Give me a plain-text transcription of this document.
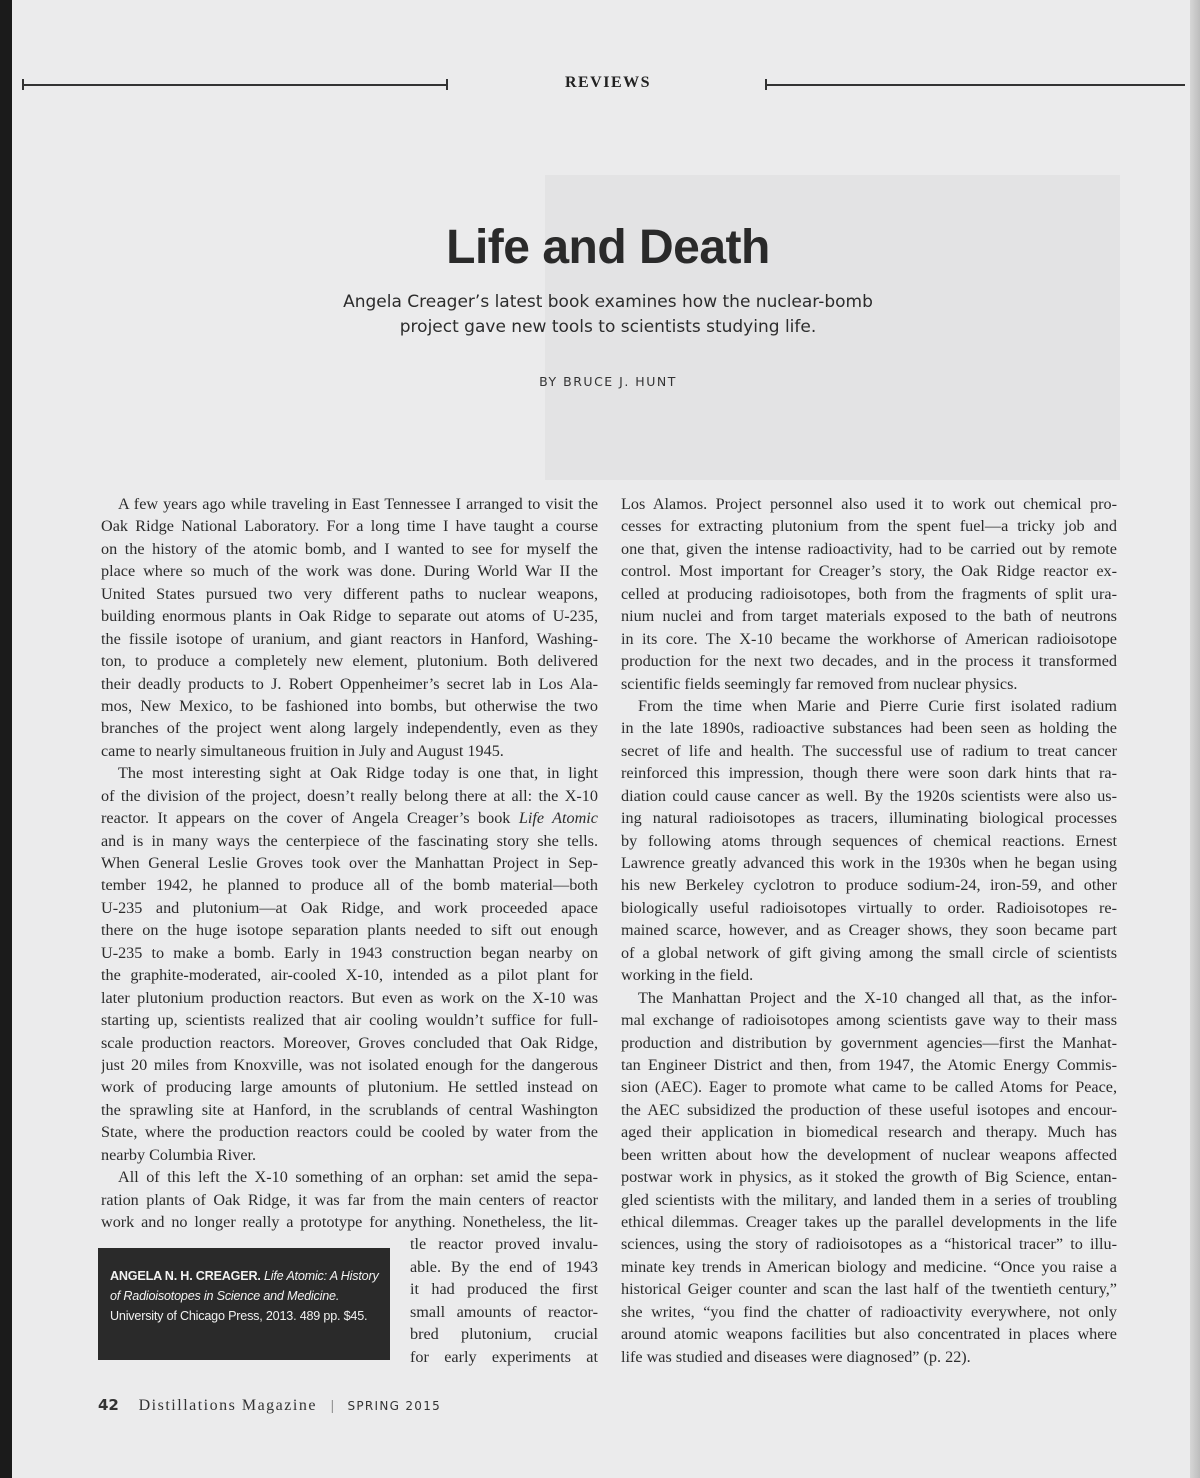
REVIEWS
Life and Death
Angela Creager’s latest book examines how the nuclear-bomb
project gave new tools to scientists studying life.
BY BRUCE J. HUNT
A few years ago while traveling in East Tennessee I arranged to visit the
Oak Ridge National Laboratory. For a long time I have taught a course
on the history of the atomic bomb, and I wanted to see for myself the
place where so much of the work was done. During World War II the
United States pursued two very different paths to nuclear weapons,
building enormous plants in Oak Ridge to separate out atoms of U-235,
the fissile isotope of uranium, and giant reactors in Hanford, Washing-
ton, to produce a completely new element, plutonium. Both delivered
their deadly products to J. Robert Oppenheimer’s secret lab in Los Ala-
mos, New Mexico, to be fashioned into bombs, but otherwise the two
branches of the project went along largely independently, even as they
came to nearly simultaneous fruition in July and August 1945.
The most interesting sight at Oak Ridge today is one that, in light
of the division of the project, doesn’t really belong there at all: the X-10
reactor. It appears on the cover of Angela Creager’s book Life Atomic
and is in many ways the centerpiece of the fascinating story she tells.
When General Leslie Groves took over the Manhattan Project in Sep-
tember 1942, he planned to produce all of the bomb material—both
U-235 and plutonium—at Oak Ridge, and work proceeded apace
there on the huge isotope separation plants needed to sift out enough
U-235 to make a bomb. Early in 1943 construction began nearby on
the graphite-moderated, air-cooled X-10, intended as a pilot plant for
later plutonium production reactors. But even as work on the X-10 was
starting up, scientists realized that air cooling wouldn’t suffice for full-
scale production reactors. Moreover, Groves concluded that Oak Ridge,
just 20 miles from Knoxville, was not isolated enough for the dangerous
work of producing large amounts of plutonium. He settled instead on
the sprawling site at Hanford, in the scrublands of central Washington
State, where the production reactors could be cooled by water from the
nearby Columbia River.
All of this left the X-10 something of an orphan: set amid the sepa-
ration plants of Oak Ridge, it was far from the main centers of reactor
work and no longer really a prototype for anything. Nonetheless, the lit-
tle reactor proved invalu-
able. By the end of 1943
it had produced the first
small amounts of reactor-
bred plutonium, crucial
for early experiments at
Los Alamos. Project personnel also used it to work out chemical pro-
cesses for extracting plutonium from the spent fuel—a tricky job and
one that, given the intense radioactivity, had to be carried out by remote
control. Most important for Creager’s story, the Oak Ridge reactor ex-
celled at producing radioisotopes, both from the fragments of split ura-
nium nuclei and from target materials exposed to the bath of neutrons
in its core. The X-10 became the workhorse of American radioisotope
production for the next two decades, and in the process it transformed
scientific fields seemingly far removed from nuclear physics.
From the time when Marie and Pierre Curie first isolated radium
in the late 1890s, radioactive substances had been seen as holding the
secret of life and health. The successful use of radium to treat cancer
reinforced this impression, though there were soon dark hints that ra-
diation could cause cancer as well. By the 1920s scientists were also us-
ing natural radioisotopes as tracers, illuminating biological processes
by following atoms through sequences of chemical reactions. Ernest
Lawrence greatly advanced this work in the 1930s when he began using
his new Berkeley cyclotron to produce sodium-24, iron-59, and other
biologically useful radioisotopes virtually to order. Radioisotopes re-
mained scarce, however, and as Creager shows, they soon became part
of a global network of gift giving among the small circle of scientists
working in the field.
The Manhattan Project and the X-10 changed all that, as the infor-
mal exchange of radioisotopes among scientists gave way to their mass
production and distribution by government agencies—first the Manhat-
tan Engineer District and then, from 1947, the Atomic Energy Commis-
sion (AEC). Eager to promote what came to be called Atoms for Peace,
the AEC subsidized the production of these useful isotopes and encour-
aged their application in biomedical research and therapy. Much has
been written about how the development of nuclear weapons affected
postwar work in physics, as it stoked the growth of Big Science, entan-
gled scientists with the military, and landed them in a series of troubling
ethical dilemmas. Creager takes up the parallel developments in the life
sciences, using the story of radioisotopes as a “historical tracer” to illu-
minate key trends in American biology and medicine. “Once you raise a
historical Geiger counter and scan the last half of the twentieth century,”
she writes, “you find the chatter of radioactivity everywhere, not only
around atomic weapons facilities but also concentrated in places where
life was studied and diseases were diagnosed” (p. 22).
ANGELA N. H. CREAGER. Life Atomic: A History of Radioisotopes in Science and Medicine. University of Chicago Press, 2013. 489 pp. $45.
42 Distillations Magazine | SPRING 2015
